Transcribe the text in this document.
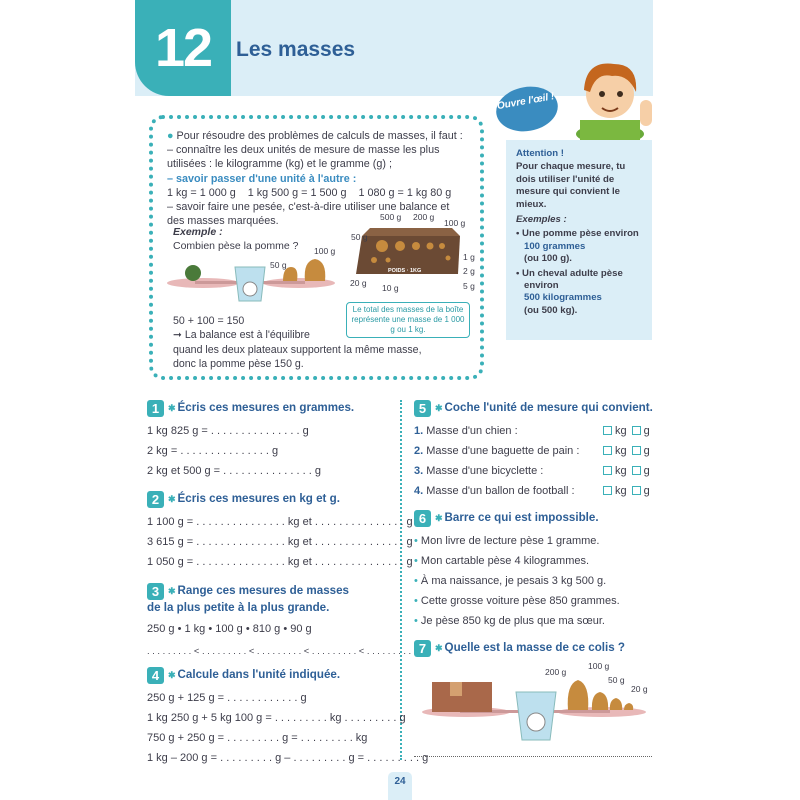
12	Les masses
Ouvre l'œil !
● Pour résoudre des problèmes de calculs de masses, il faut :
– connaître les deux unités de mesure de masse les plus
utilisées : le kilogramme (kg) et le gramme (g) ;
– savoir passer d'une unité à l'autre :
1 kg = 1 000 g    1 kg 500 g = 1 500 g    1 080 g = 1 kg 80 g
– savoir faire une pesée, c'est-à-dire utiliser une balance et
des masses marquées.
Exemple :
Combien pèse la pomme ?
50 g
100 g
POIDS · 1KG
500 g 200 g
100 g
50 g
1 g
2 g
5 g
20 g 10 g
Le total des masses de la boîte représente une masse de 1 000 g ou 1 kg.
50 + 100 = 150
➞ La balance est à l'équilibre
quand les deux plateaux supportent la même masse,
donc la pomme pèse 150 g.
Attention !
Pour chaque mesure, tu dois utiliser l'unité de mesure qui convient le mieux.
Exemples :
• Une pomme pèse environ
100 grammes
(ou 100 g).
• Un cheval adulte pèse environ
500 kilogrammes
(ou 500 kg).
1 ✱ Écris ces mesures en grammes.
1 kg 825 g = . . . . . . . . . . . . . . . g
2 kg = . . . . . . . . . . . . . . . g
2 kg et 500 g = . . . . . . . . . . . . . . . g
2 ✱ Écris ces mesures en kg et g.
1 100 g = . . . . . . . . . . . . . . . kg et . . . . . . . . . . . . . . . g
3 615 g = . . . . . . . . . . . . . . . kg et . . . . . . . . . . . . . . . g
1 050 g = . . . . . . . . . . . . . . . kg et . . . . . . . . . . . . . . . g
3 ✱ Range ces mesures de masses
de la plus petite à la plus grande.
250 g • 1 kg • 100 g • 810 g • 90 g
. . . . . . . . . < . . . . . . . . . < . . . . . . . . . < . . . . . . . . . < . . . . . . . . .
4 ✱ Calcule dans l'unité indiquée.
250 g + 125 g = . . . . . . . . . . . . g
1 kg 250 g + 5 kg 100 g = . . . . . . . . . kg . . . . . . . . . g
750 g + 250 g = . . . . . . . . . g = . . . . . . . . . kg
1 kg – 200 g = . . . . . . . . . g – . . . . . . . . . g = . . . . . . . . . g
5 ✱ Coche l'unité de mesure qui convient.
1. Masse d'un chien :	kg g
2. Masse d'une baguette de pain :	kg g
3. Masse d'une bicyclette :	kg g
4. Masse d'un ballon de football :	kg g
6 ✱ Barre ce qui est impossible.
• Mon livre de lecture pèse 1 gramme.
• Mon cartable pèse 4 kilogrammes.
• À ma naissance, je pesais 3 kg 500 g.
• Cette grosse voiture pèse 850 grammes.
• Je pèse 850 kg de plus que ma sœur.
7 ✱ Quelle est la masse de ce colis ?
200 g
100 g
50 g
20 g
24
